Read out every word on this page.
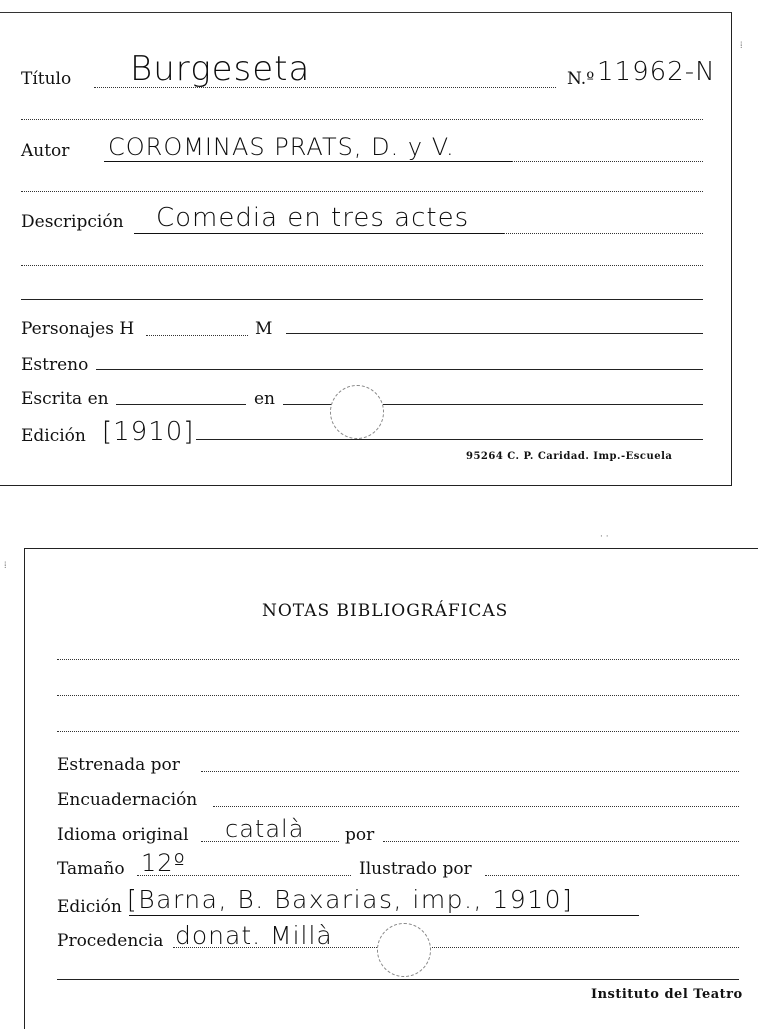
Título Burgeseta	N.º 11962-N
Autor COROMINAS PRATS, D. y V.
Descripción Comedia en tres actes
Personajes H	M
Estreno
Escrita en	en
Edición [1910]
95264 C. P. Caridad. Imp.-Escuela
· ·
⁞
⁞
NOTAS BIBLIOGRÁFICAS
Estrenada por
Encuadernación
Idioma original català por
Tamaño 12º	Ilustrado por
Edición [Barna, B. Baxarias, imp., 1910]
Procedencia donat. Millà
Instituto del Teatro
